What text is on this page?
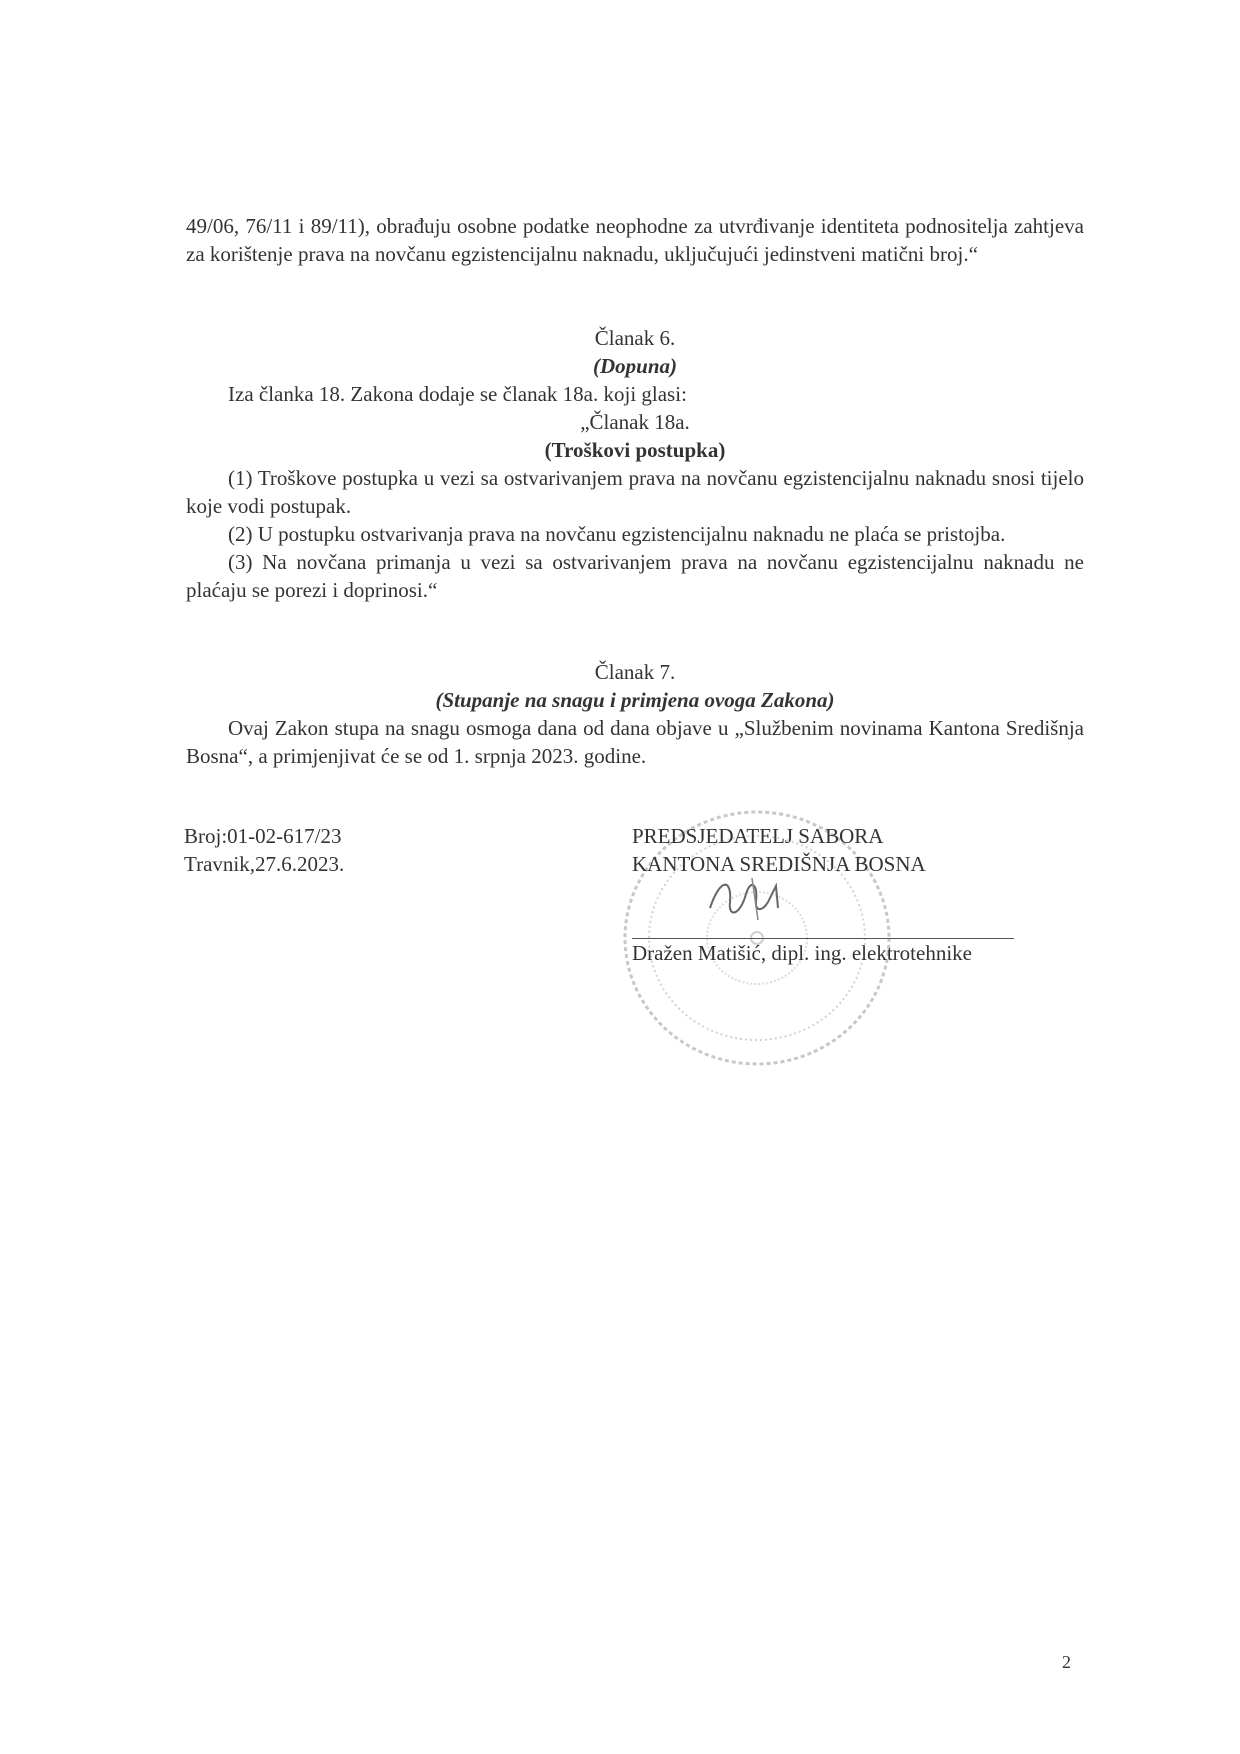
49/06, 76/11 i 89/11), obrađuju osobne podatke neophodne za utvrđivanje identiteta podnositelja zahtjeva za korištenje prava na novčanu egzistencijalnu naknadu, uključujući jedinstveni matični broj.“

Članak 6.

(Dopuna)

Iza članka 18. Zakona dodaje se članak 18a. koji glasi:

„Članak 18a.

(Troškovi postupka)

(1) Troškove postupka u vezi sa ostvarivanjem prava na novčanu egzistencijalnu naknadu snosi tijelo koje vodi postupak.

(2) U postupku ostvarivanja prava na novčanu egzistencijalnu naknadu ne plaća se pristojba.

(3) Na novčana primanja u vezi sa ostvarivanjem prava na novčanu egzistencijalnu naknadu ne plaćaju se porezi i doprinosi.“

Članak 7.

(Stupanje na snagu i primjena ovoga Zakona)

Ovaj Zakon stupa na snagu osmoga dana od dana objave u „Službenim novinama Kantona Središnja Bosna“, a primjenjivat će se od 1. srpnja 2023. godine.

Broj:01-02-617/23
Travnik,27.6.2023.
PREDSJEDATELJ SABORA
KANTONA SREDIŠNJA BOSNA
Dražen Matišić, dipl. ing. elektrotehnike
2
